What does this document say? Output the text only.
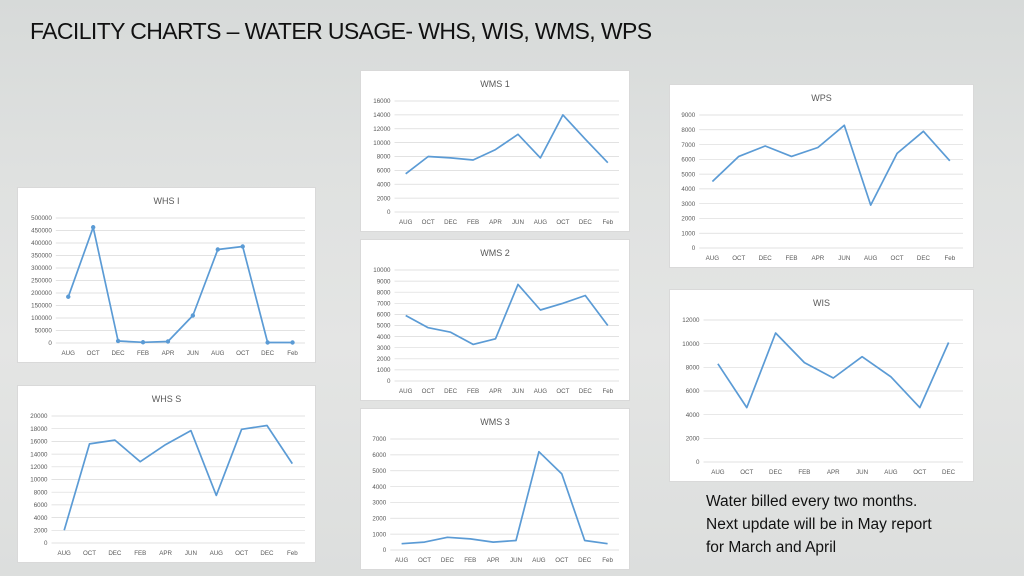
FACILITY CHARTS – WATER USAGE- WHS, WIS, WMS, WPS
WHS I
0
50000
100000
150000
200000
250000
300000
350000
400000
450000
500000
AUG OCT DEC FEB APR JUN AUG OCT DEC Feb
WHS S
0
2000
4000
6000
8000
10000
12000
14000
16000
18000
20000
AUG OCT DEC FEB APR JUN AUG OCT DEC Feb
WMS 1
0
2000
4000
6000
8000
10000
12000
14000
16000
AUG OCT DEC FEB APR JUN AUG OCT DEC Feb
WMS 2
0
1000
2000
3000
4000
5000
6000
7000
8000
9000
10000
AUG OCT DEC FEB APR JUN AUG OCT DEC Feb
WMS 3
0
1000
2000
3000
4000
5000
6000
7000
AUG OCT DEC FEB APR JUN AUG OCT DEC Feb
WPS
0
1000
2000
3000
4000
5000
6000
7000
8000
9000
AUG OCT DEC FEB APR JUN AUG OCT DEC Feb
WIS
0
2000
4000
6000
8000
10000
12000
AUG	OCT	DEC	FEB	APR	JUN	AUG	OCT	DEC
Water billed every two months.
Next update will be in May report
for March and April
